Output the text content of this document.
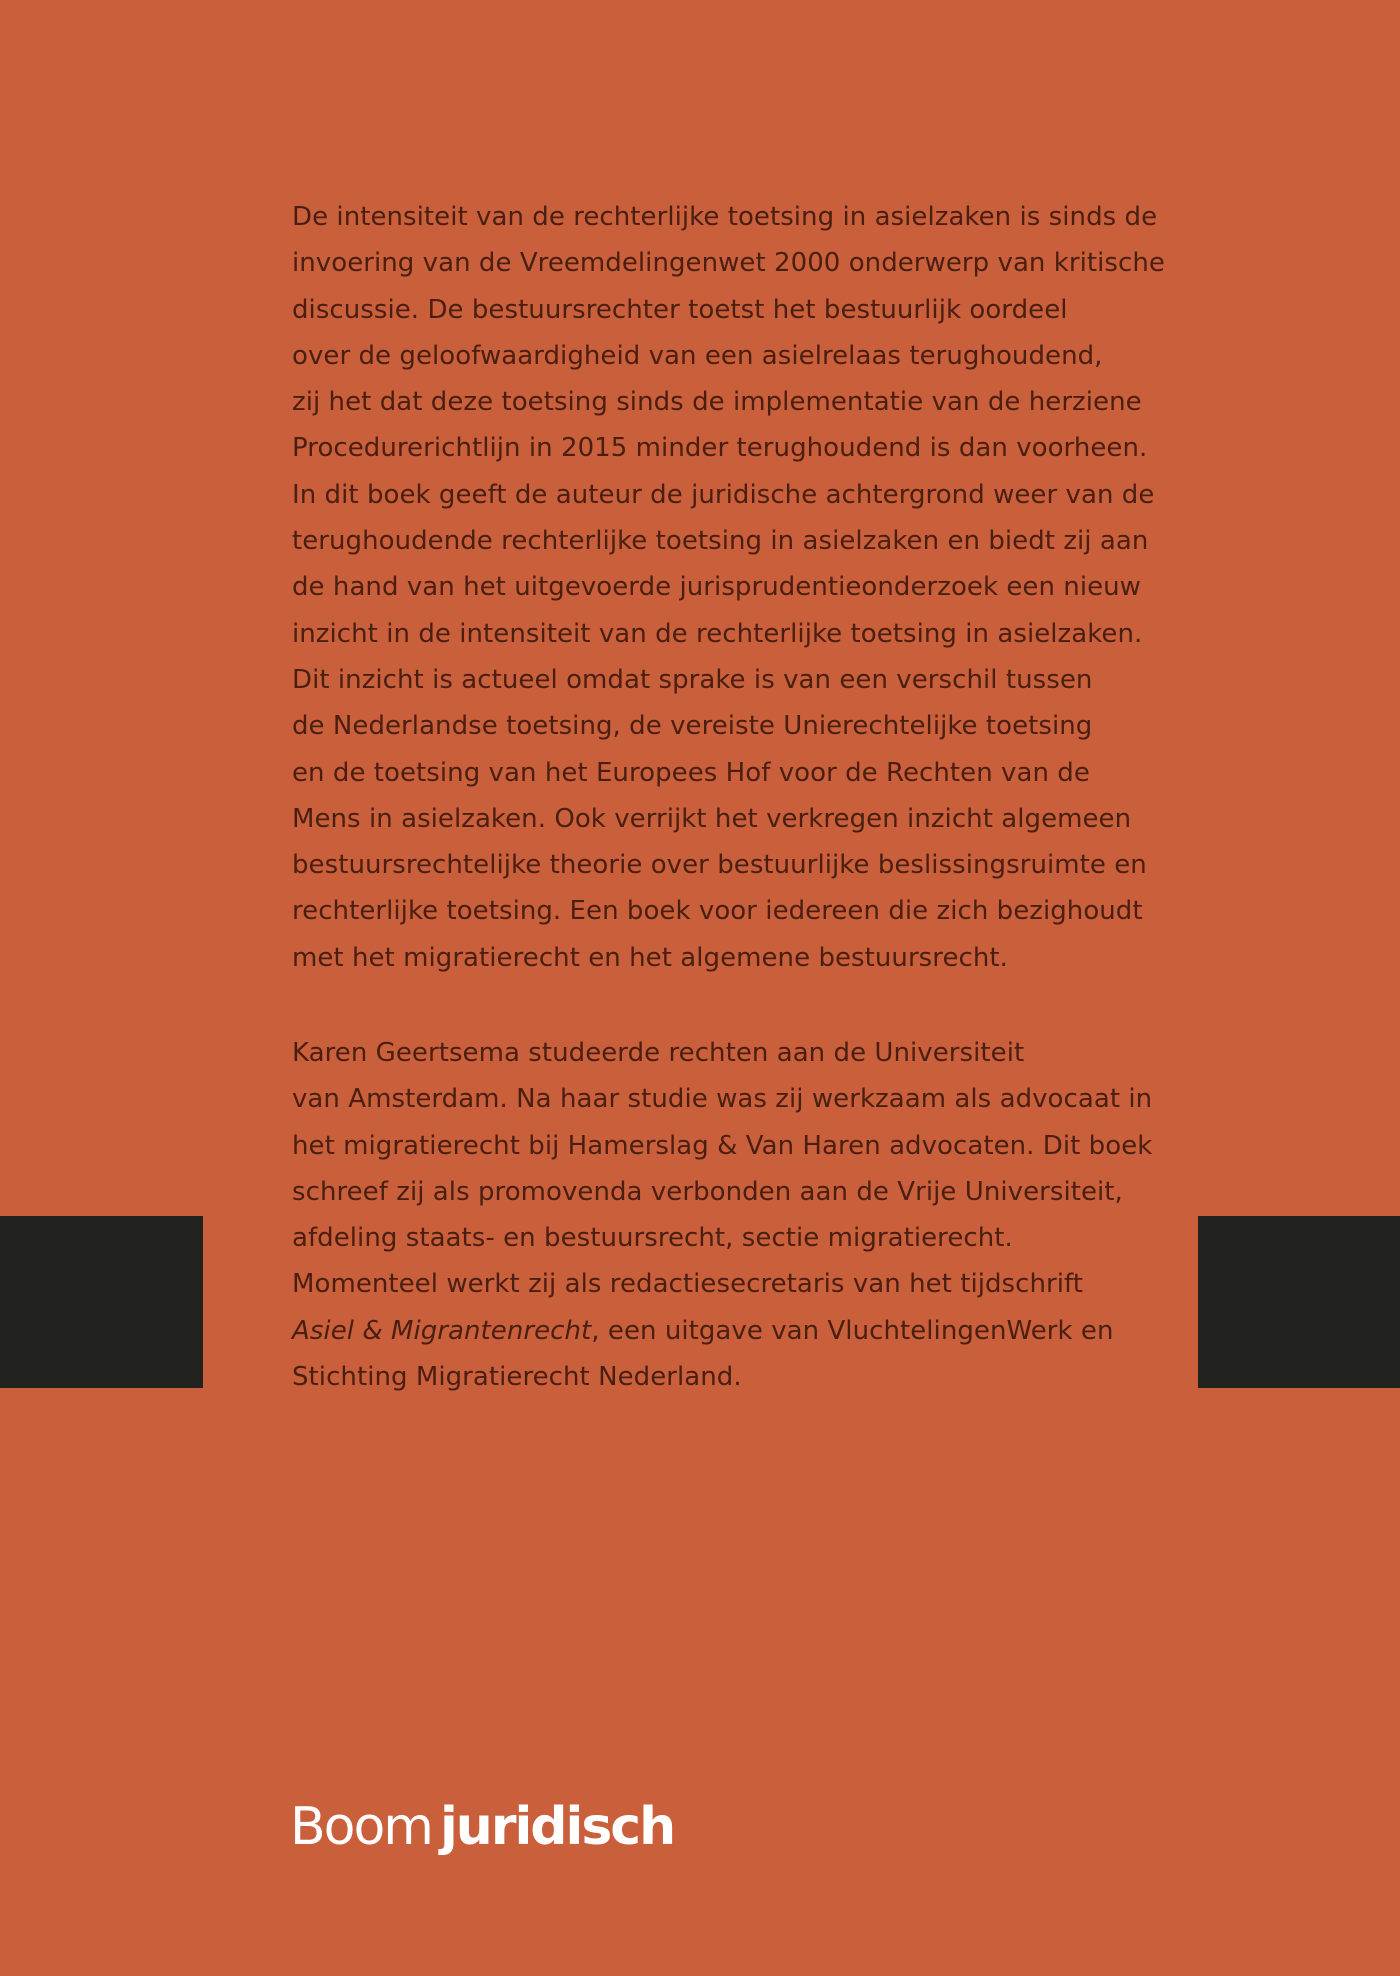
De intensiteit van de rechterlijke toetsing in asielzaken is sinds de
invoering van de Vreemdelingenwet 2000 onderwerp van kritische
discussie. De bestuursrechter toetst het bestuurlijk oordeel
over de geloofwaardigheid van een asielrelaas terughoudend,
zij het dat deze toetsing sinds de implementatie van de herziene
Procedurerichtlijn in 2015 minder terughoudend is dan voorheen.
In dit boek geeft de auteur de juridische achtergrond weer van de
terughoudende rechterlijke toetsing in asielzaken en biedt zij aan
de hand van het uitgevoerde jurisprudentieonderzoek een nieuw
inzicht in de intensiteit van de rechterlijke toetsing in asielzaken.
Dit inzicht is actueel omdat sprake is van een verschil tussen
de Nederlandse toetsing, de vereiste Unierechtelijke toetsing
en de toetsing van het Europees Hof voor de Rechten van de
Mens in asielzaken. Ook verrijkt het verkregen inzicht algemeen
bestuursrechtelijke theorie over bestuurlijke beslissingsruimte en
rechterlijke toetsing. Een boek voor iedereen die zich bezighoudt
met het migratierecht en het algemene bestuursrecht.
Karen Geertsema studeerde rechten aan de Universiteit
van Amsterdam. Na haar studie was zij werkzaam als advocaat in
het migratierecht bij Hamerslag & Van Haren advocaten. Dit boek
schreef zij als promovenda verbonden aan de Vrije Universiteit,
afdeling staats- en bestuursrecht, sectie migratierecht.
Momenteel werkt zij als redactiesecretaris van het tijdschrift
Asiel & Migrantenrecht, een uitgave van VluchtelingenWerk en
Stichting Migratierecht Nederland.
Boom juridisch
